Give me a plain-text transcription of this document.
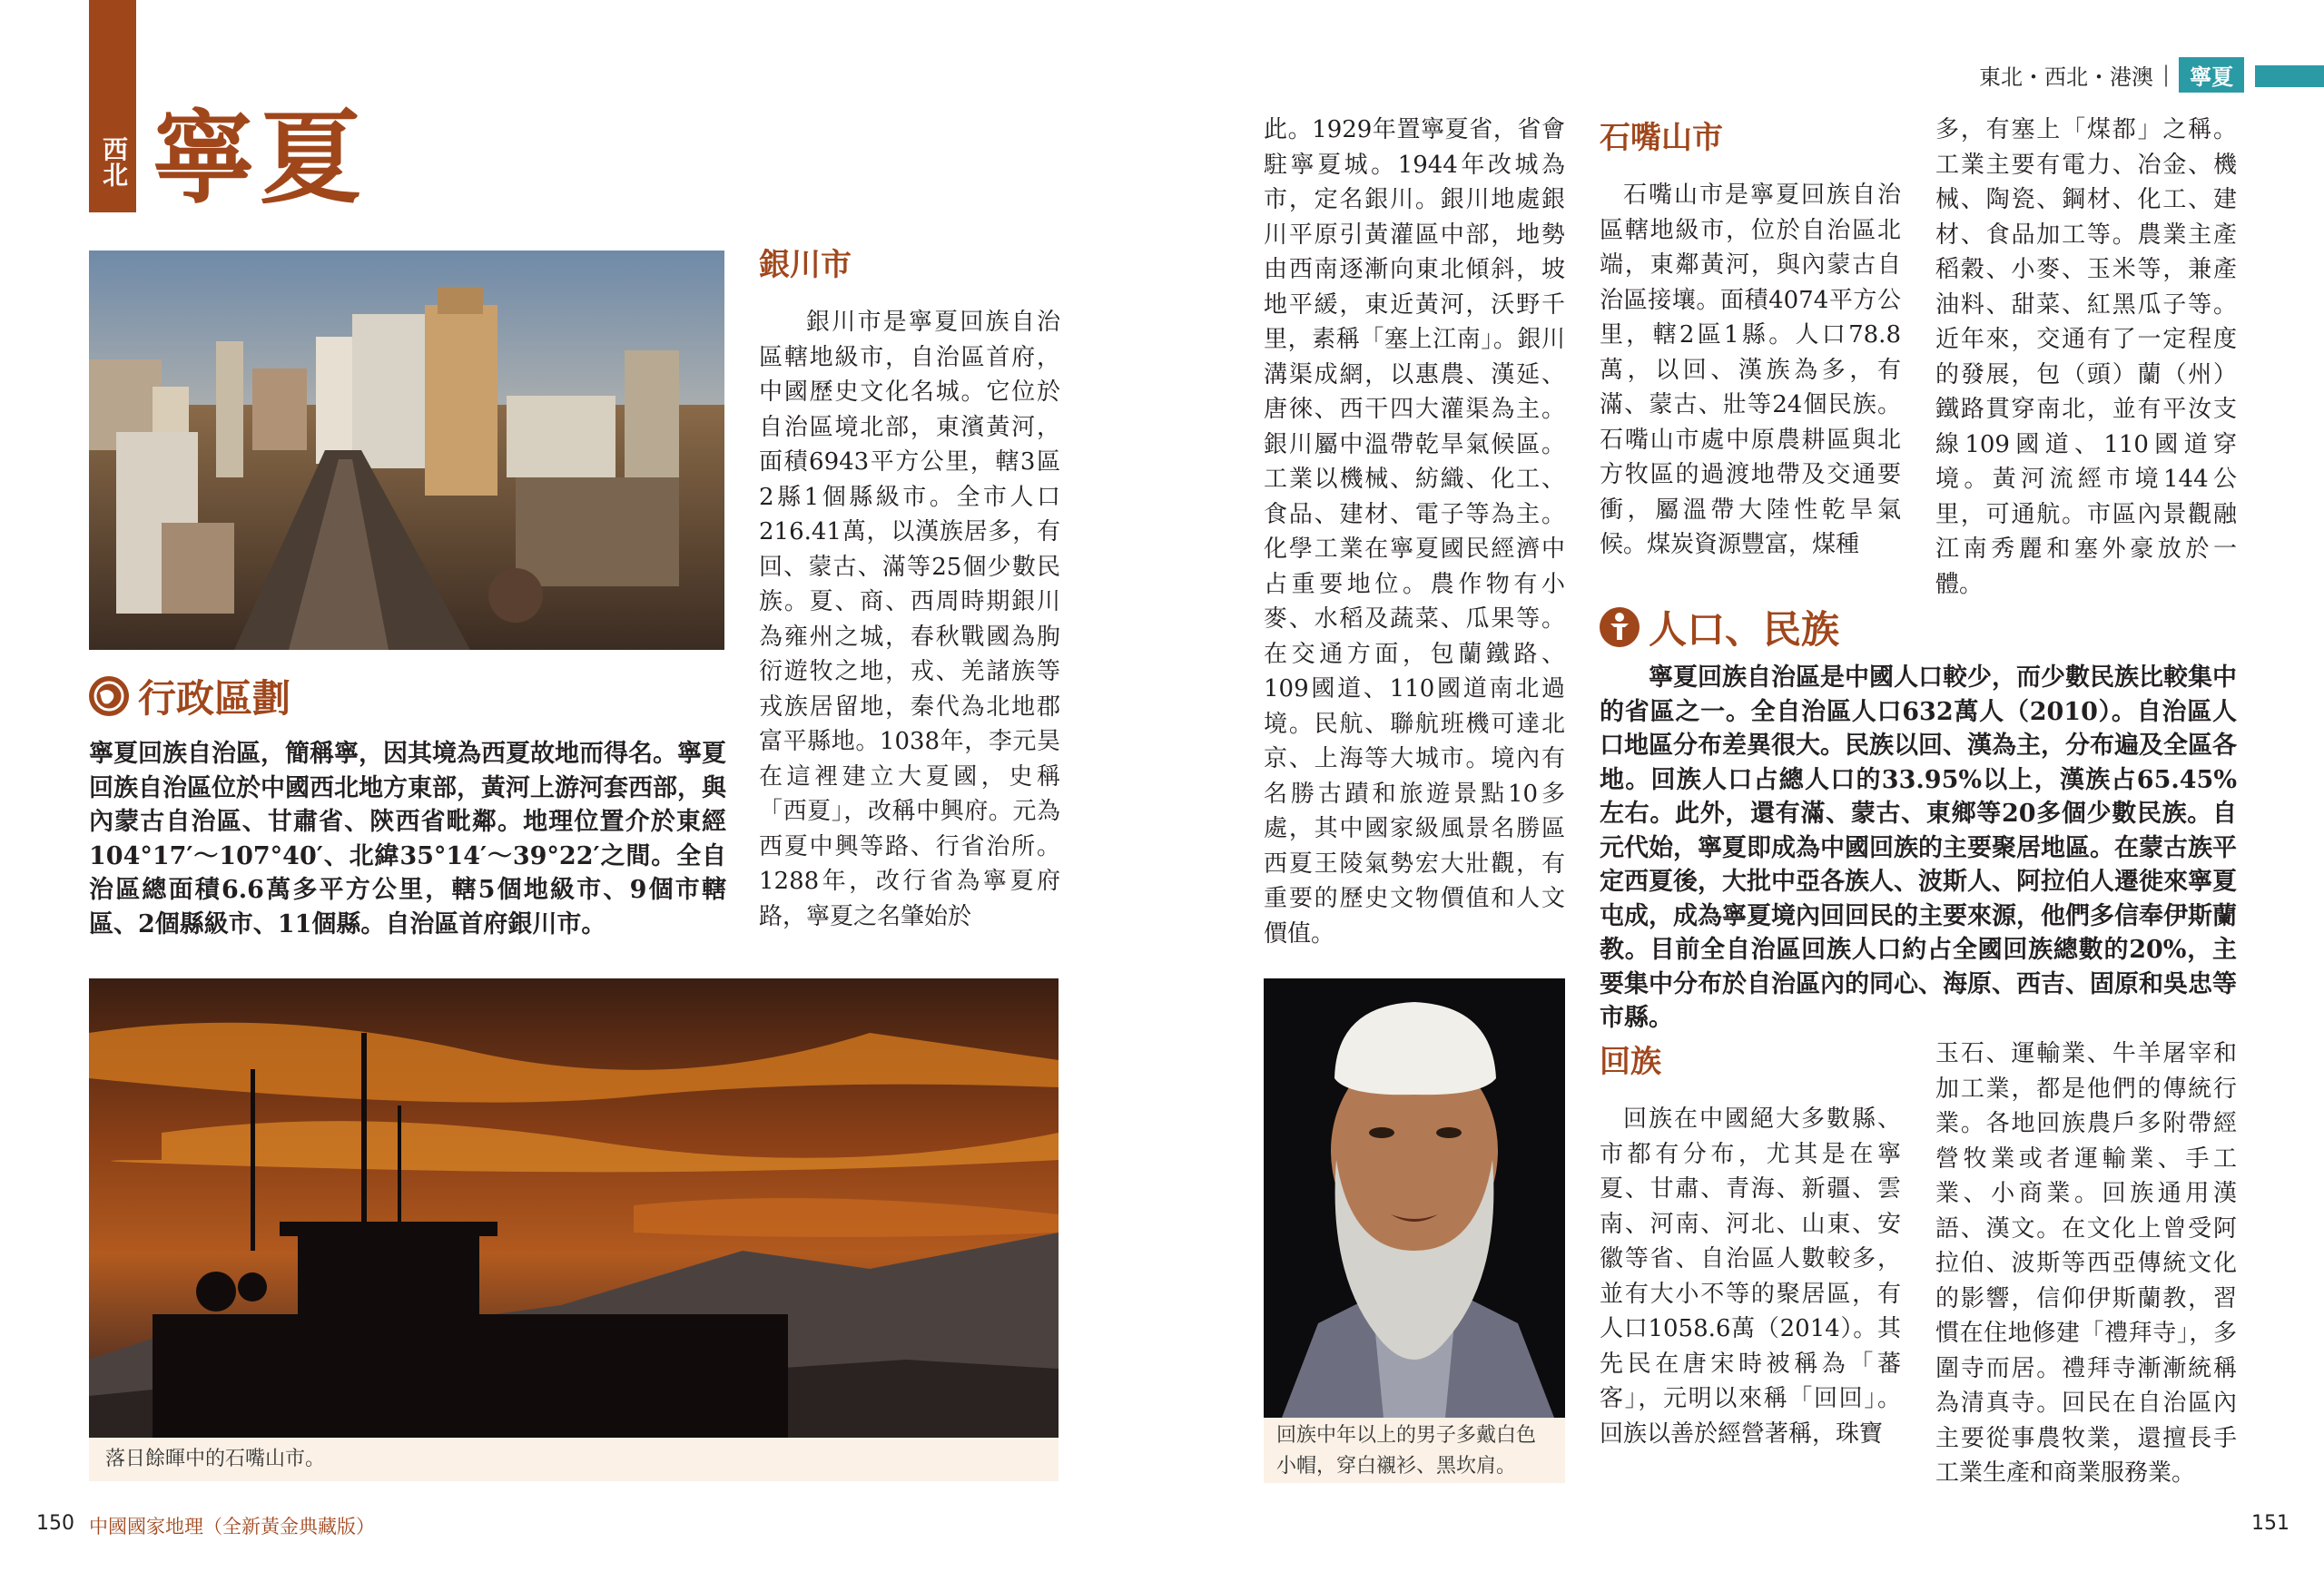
東北・西北・港澳 | 寧夏
西北 寧夏
行政區劃

寧夏回族自治區，簡稱寧，因其境為西夏故地而得名。寧夏回族自治區位於中國西北地方東部，黃河上游河套西部，與內蒙古自治區、甘肅省、陝西省毗鄰。地理位置介於東經104°17′～107°40′、北緯35°14′～39°22′之間。全自治區總面積6.6萬多平方公里，轄5個地級市、9個市轄區、2個縣級市、11個縣。自治區首府銀川市。

銀川市

銀川市是寧夏回族自治區轄地級市，自治區首府，中國歷史文化名城。它位於自治區境北部，東濱黃河，面積6943平方公里，轄3區2縣1個縣級市。全市人口216.41萬，以漢族居多，有回、蒙古、滿等25個少數民族。夏、商、西周時期銀川為雍州之城，春秋戰國為朐衍遊牧之地，戎、羌諸族等戎族居留地，秦代為北地郡富平縣地。1038年，李元昊在這裡建立大夏國，史稱「西夏」，改稱中興府。元為西夏中興等路、行省治所。1288年，改行省為寧夏府路，寧夏之名肇始於

此。1929年置寧夏省，省會駐寧夏城。1944年改城為市，定名銀川。銀川地處銀川平原引黃灌區中部，地勢由西南逐漸向東北傾斜，坡地平緩，東近黃河，沃野千里，素稱「塞上江南」。銀川溝渠成網，以惠農、漢延、唐徠、西干四大灌渠為主。銀川屬中溫帶乾旱氣候區。工業以機械、紡織、化工、食品、建材、電子等為主。化學工業在寧夏國民經濟中占重要地位。農作物有小麥、水稻及蔬菜、瓜果等。在交通方面，包蘭鐵路、109國道、110國道南北過境。民航、聯航班機可達北京、上海等大城市。境內有名勝古蹟和旅遊景點10多處，其中國家級風景名勝區西夏王陵氣勢宏大壯觀，有重要的歷史文物價值和人文價值。

落日餘暉中的石嘴山市。
石嘴山市

石嘴山市是寧夏回族自治區轄地級市，位於自治區北端，東鄰黃河，與內蒙古自治區接壤。面積4074平方公里，轄2區1縣。人口78.8萬，以回、漢族為多，有滿、蒙古、壯等24個民族。石嘴山市處中原農耕區與北方牧區的過渡地帶及交通要衝，屬溫帶大陸性乾旱氣候。煤炭資源豐富，煤種

多，有塞上「煤都」之稱。工業主要有電力、冶金、機械、陶瓷、鋼材、化工、建材、食品加工等。農業主產稻穀、小麥、玉米等，兼產油料、甜菜、紅黑瓜子等。近年來，交通有了一定程度的發展，包（頭）蘭（州）鐵路貫穿南北，並有平汝支線109國道、110國道穿境。黃河流經市境144公里，可通航。市區內景觀融江南秀麗和塞外豪放於一體。

人口、民族

寧夏回族自治區是中國人口較少，而少數民族比較集中的省區之一。全自治區人口632萬人（2010）。自治區人口地區分布差異很大。民族以回、漢為主，分布遍及全區各地。回族人口占總人口的33.95%以上，漢族占65.45%左右。此外，還有滿、蒙古、東鄉等20多個少數民族。自元代始，寧夏即成為中國回族的主要聚居地區。在蒙古族平定西夏後，大批中亞各族人、波斯人、阿拉伯人遷徙來寧夏屯成，成為寧夏境內回回民的主要來源，他們多信奉伊斯蘭教。目前全自治區回族人口約占全國回族總數的20%，主要集中分布於自治區內的同心、海原、西吉、固原和吳忠等市縣。

回族中年以上的男子多戴白色小帽，穿白襯衫、黑坎肩。
回族

回族在中國絕大多數縣、市都有分布，尤其是在寧夏、甘肅、青海、新疆、雲南、河南、河北、山東、安徽等省、自治區人數較多，並有大小不等的聚居區，有人口1058.6萬（2014）。其先民在唐宋時被稱為「蕃客」，元明以來稱「回回」。回族以善於經營著稱，珠寶

玉石、運輸業、牛羊屠宰和加工業，都是他們的傳統行業。各地回族農戶多附帶經營牧業或者運輸業、手工業、小商業。回族通用漢語、漢文。在文化上曾受阿拉伯、波斯等西亞傳統文化的影響，信仰伊斯蘭教，習慣在住地修建「禮拜寺」，多圍寺而居。禮拜寺漸漸統稱為清真寺。回民在自治區內主要從事農牧業，還擅長手工業生產和商業服務業。

150 中國國家地理（全新黃金典藏版）	151
